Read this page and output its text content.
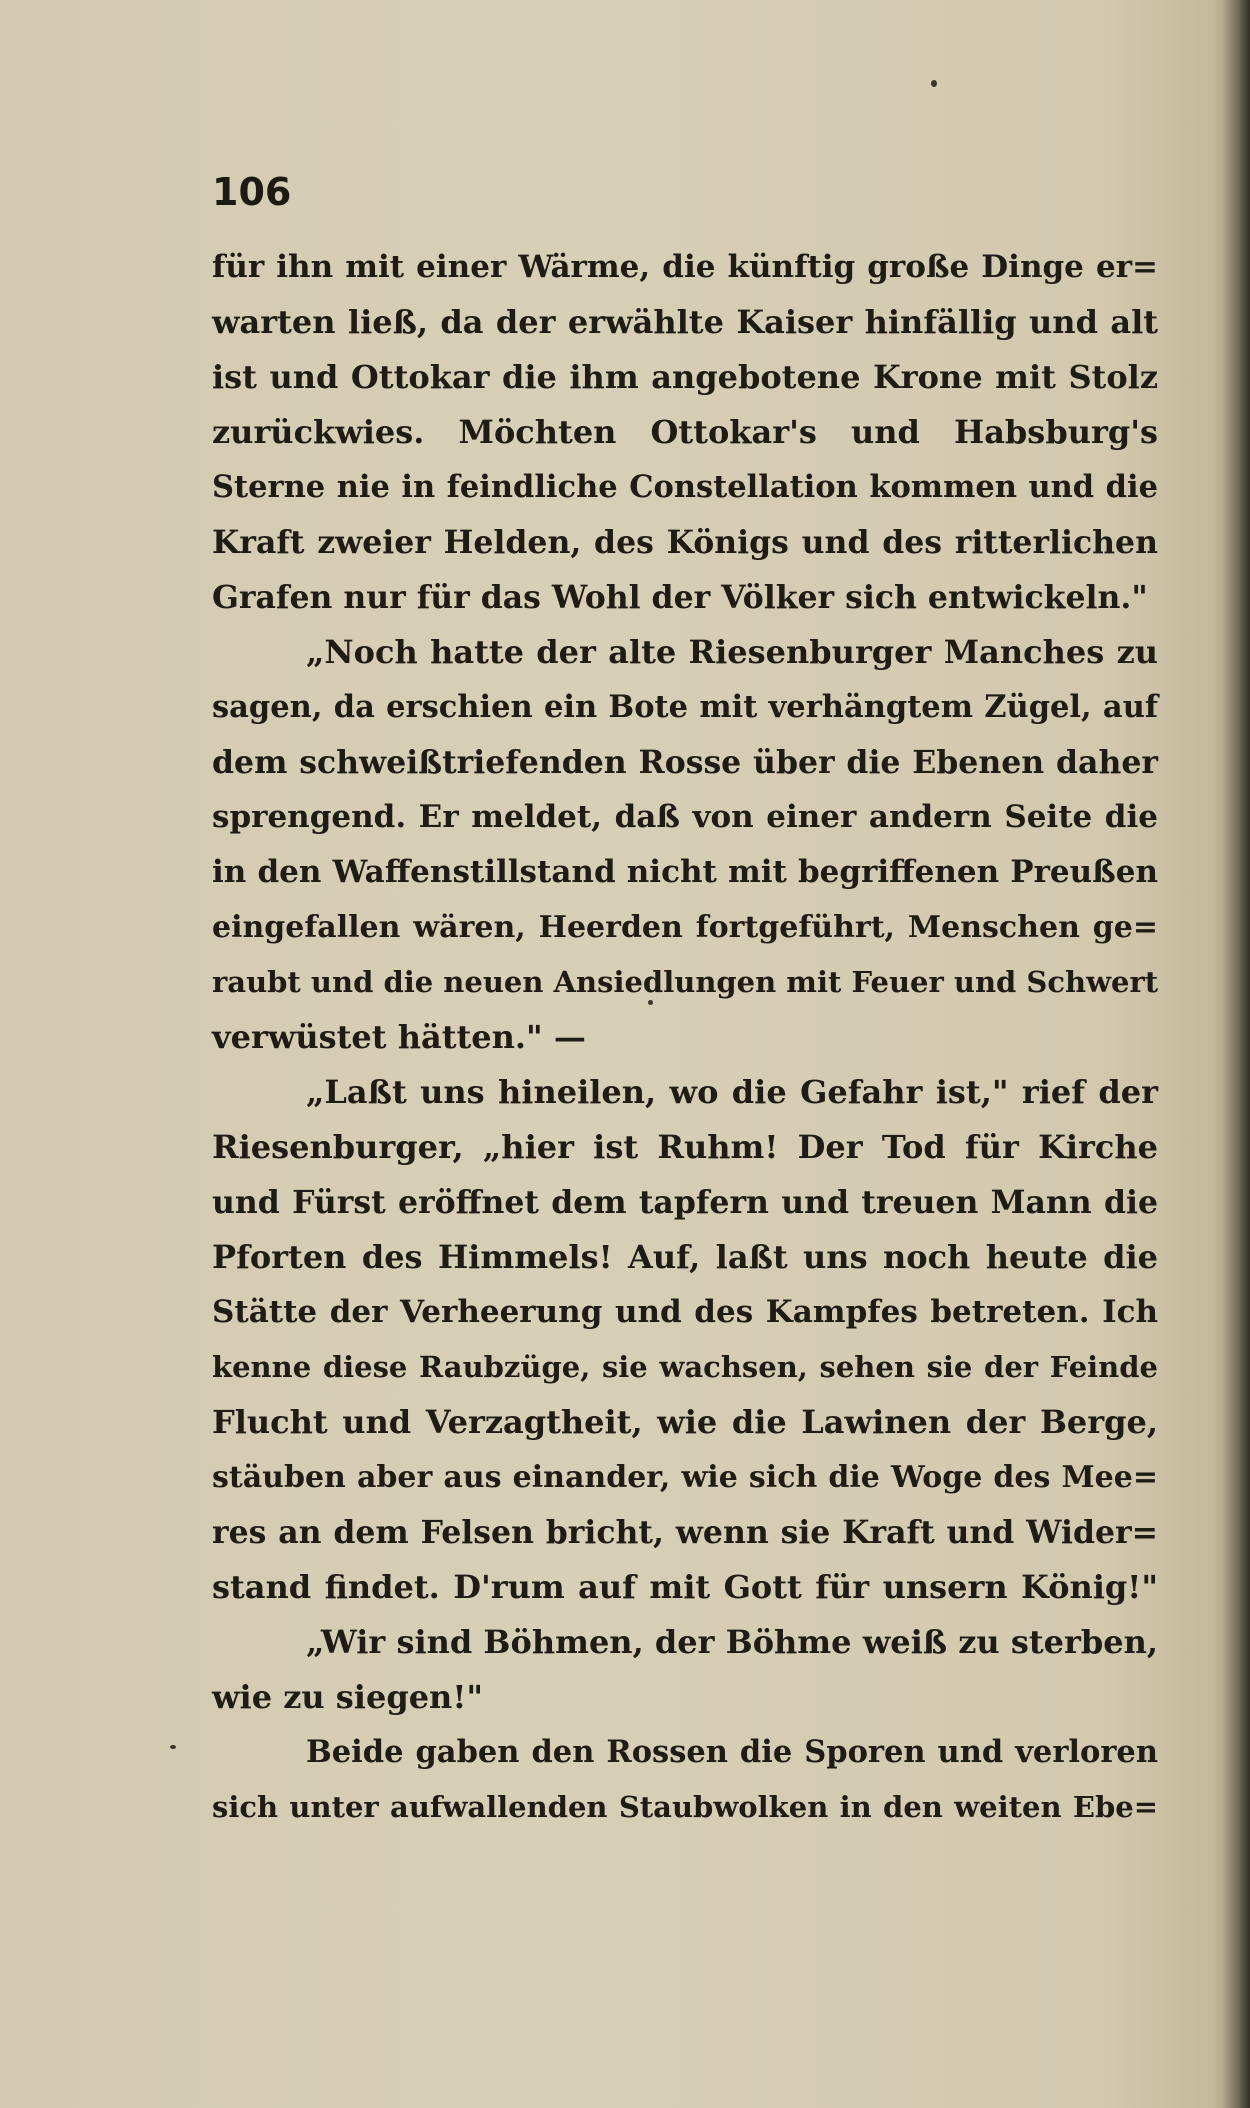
106
für ihn mit einer Wärme, die künftig große Dinge er=
warten ließ, da der erwählte Kaiser hinfällig und alt
ist und Ottokar die ihm angebotene Krone mit Stolz
zurückwies. Möchten Ottokar's und Habsburg's
Sterne nie in feindliche Constellation kommen und die
Kraft zweier Helden, des Königs und des ritterlichen
Grafen nur für das Wohl der Völker sich entwickeln."
„Noch hatte der alte Riesenburger Manches zu
sagen, da erschien ein Bote mit verhängtem Zügel, auf
dem schweißtriefenden Rosse über die Ebenen daher
sprengend. Er meldet, daß von einer andern Seite die
in den Waffenstillstand nicht mit begriffenen Preußen
eingefallen wären, Heerden fortgeführt, Menschen ge=
raubt und die neuen Ansiedlungen mit Feuer und Schwert
verwüstet hätten." —
„Laßt uns hineilen, wo die Gefahr ist," rief der
Riesenburger, „hier ist Ruhm! Der Tod für Kirche
und Fürst eröffnet dem tapfern und treuen Mann die
Pforten des Himmels! Auf, laßt uns noch heute die
Stätte der Verheerung und des Kampfes betreten. Ich
kenne diese Raubzüge, sie wachsen, sehen sie der Feinde
Flucht und Verzagtheit, wie die Lawinen der Berge,
stäuben aber aus einander, wie sich die Woge des Mee=
res an dem Felsen bricht, wenn sie Kraft und Wider=
stand findet. D'rum auf mit Gott für unsern König!"
„Wir sind Böhmen, der Böhme weiß zu sterben,
wie zu siegen!"
Beide gaben den Rossen die Sporen und verloren
sich unter aufwallenden Staubwolken in den weiten Ebe=
